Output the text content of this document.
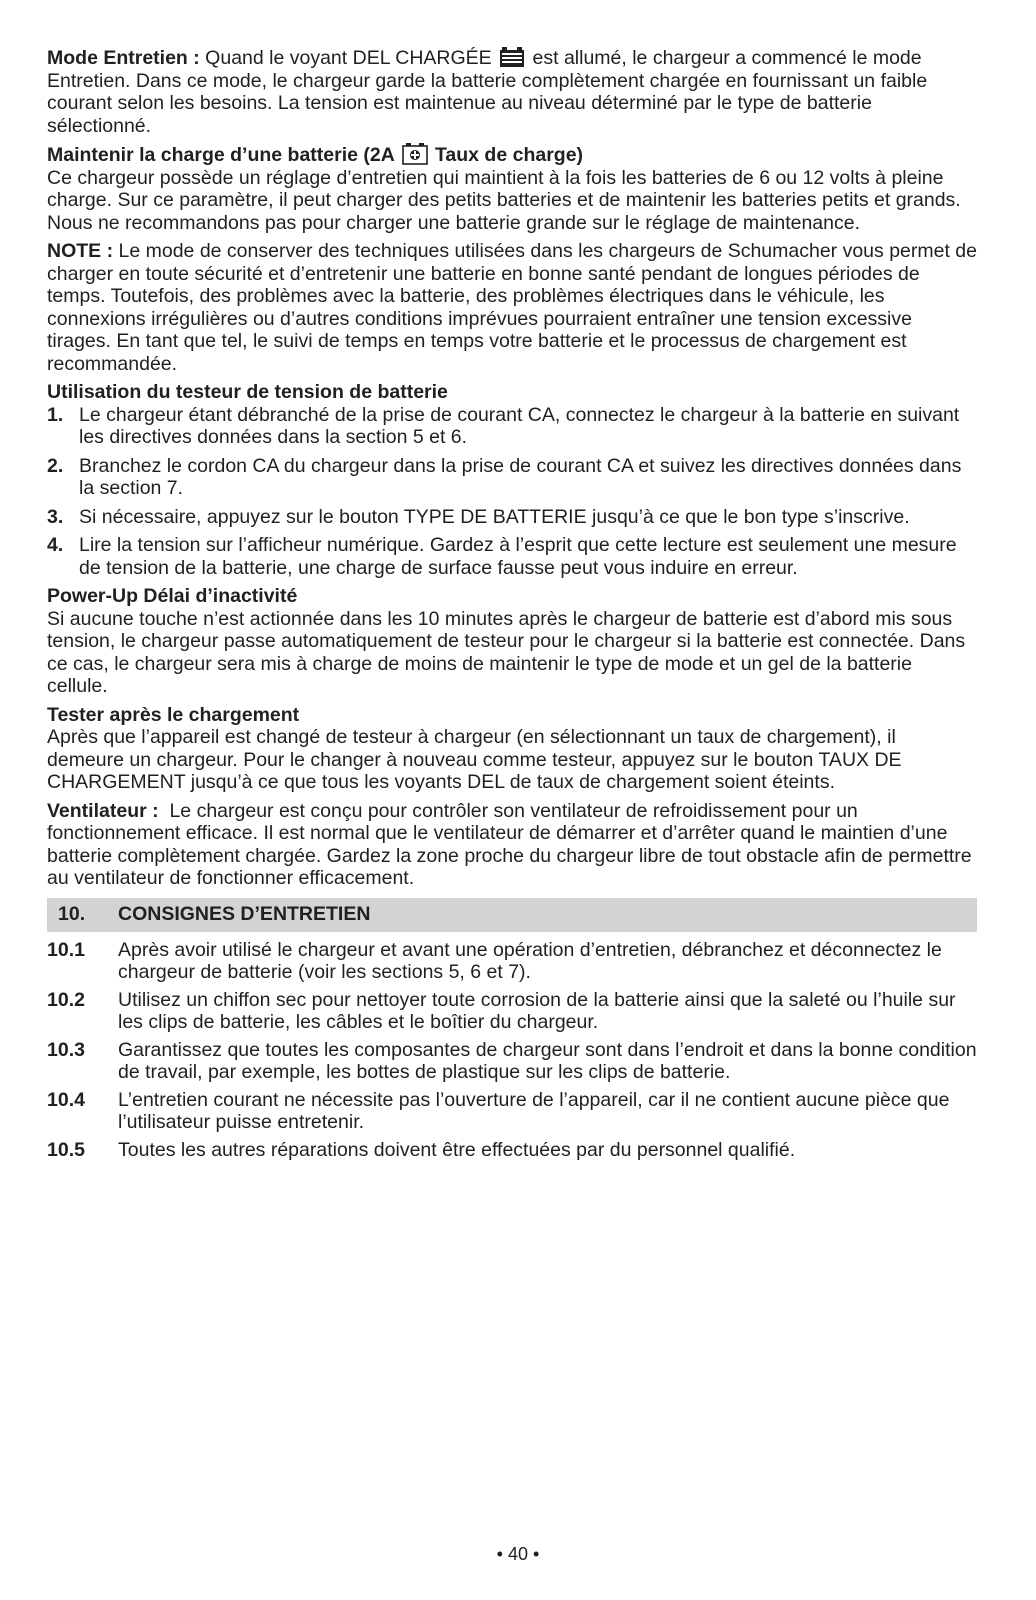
Mode Entretien : Quand le voyant DEL CHARGÉE  est allumé, le chargeur a commencé le mode Entretien. Dans ce mode, le chargeur garde la batterie complètement chargée en fournissant un faible courant selon les besoins. La tension est maintenue au niveau déterminé par le type de batterie sélectionné.

Maintenir la charge d’une batterie (2A  Taux de charge)

Ce chargeur possède un réglage d’entretien qui maintient à la fois les batteries de 6 ou 12 volts à pleine charge. Sur ce paramètre, il peut charger des petits batteries et de maintenir les batteries petits et grands. Nous ne recommandons pas pour charger une batterie grande sur le réglage de maintenance.

NOTE : Le mode de conserver des techniques utilisées dans les chargeurs de Schumacher vous permet de charger en toute sécurité et d’entretenir une batterie en bonne santé pendant de longues périodes de temps. Toutefois, des problèmes avec la batterie, des problèmes électriques dans le véhicule, les connexions irrégulières ou d’autres conditions imprévues pourraient entraîner une tension excessive tirages. En tant que tel, le suivi de temps en temps votre batterie et le processus de chargement est recommandée.

Utilisation du testeur de tension de batterie

1. Le chargeur étant débranché de la prise de courant CA, connectez le chargeur à la batterie en suivant les directives données dans la section 5 et 6.
2. Branchez le cordon CA du chargeur dans la prise de courant CA et suivez les directives données dans la section 7.
3. Si nécessaire, appuyez sur le bouton TYPE DE BATTERIE jusqu’à ce que le bon type s’inscrive.
4. Lire la tension sur l’afficheur numérique. Gardez à l’esprit que cette lecture est seulement une mesure de tension de la batterie, une charge de surface fausse peut vous induire en erreur.

Power-Up Délai d’inactivité

Si aucune touche n’est actionnée dans les 10 minutes après le chargeur de batterie est d’abord mis sous tension, le chargeur passe automatiquement de testeur pour le chargeur si la batterie est connectée. Dans ce cas, le chargeur sera mis à charge de moins de maintenir le type de mode et un gel de la batterie cellule.

Tester après le chargement

Après que l’appareil est changé de testeur à chargeur (en sélectionnant un taux de chargement), il demeure un chargeur. Pour le changer à nouveau comme testeur, appuyez sur le bouton TAUX DE CHARGEMENT jusqu’à ce que tous les voyants DEL de taux de chargement soient éteints.

Ventilateur :  Le chargeur est conçu pour contrôler son ventilateur de refroidissement pour un fonctionnement efficace. Il est normal que le ventilateur de démarrer et d’arrêter quand le maintien d’une batterie complètement chargée. Gardez la zone proche du chargeur libre de tout obstacle afin de permettre au ventilateur de fonctionner efficacement.

10.	CONSIGNES D’ENTRETIEN
10.1	Après avoir utilisé le chargeur et avant une opération d’entretien, débranchez et déconnectez le chargeur de batterie (voir les sections 5, 6 et 7).
10.2	Utilisez un chiffon sec pour nettoyer toute corrosion de la batterie ainsi que la saleté ou l’huile sur les clips de batterie, les câbles et le boîtier du chargeur.
10.3	Garantissez que toutes les composantes de chargeur sont dans l’endroit et dans la bonne condition de travail, par exemple, les bottes de plastique sur les clips de batterie.
10.4	L’entretien courant ne nécessite pas l’ouverture de l’appareil, car il ne contient aucune pièce que l’utilisateur puisse entretenir.
10.5	Toutes les autres réparations doivent être effectuées par du personnel qualifié.
• 40 •
